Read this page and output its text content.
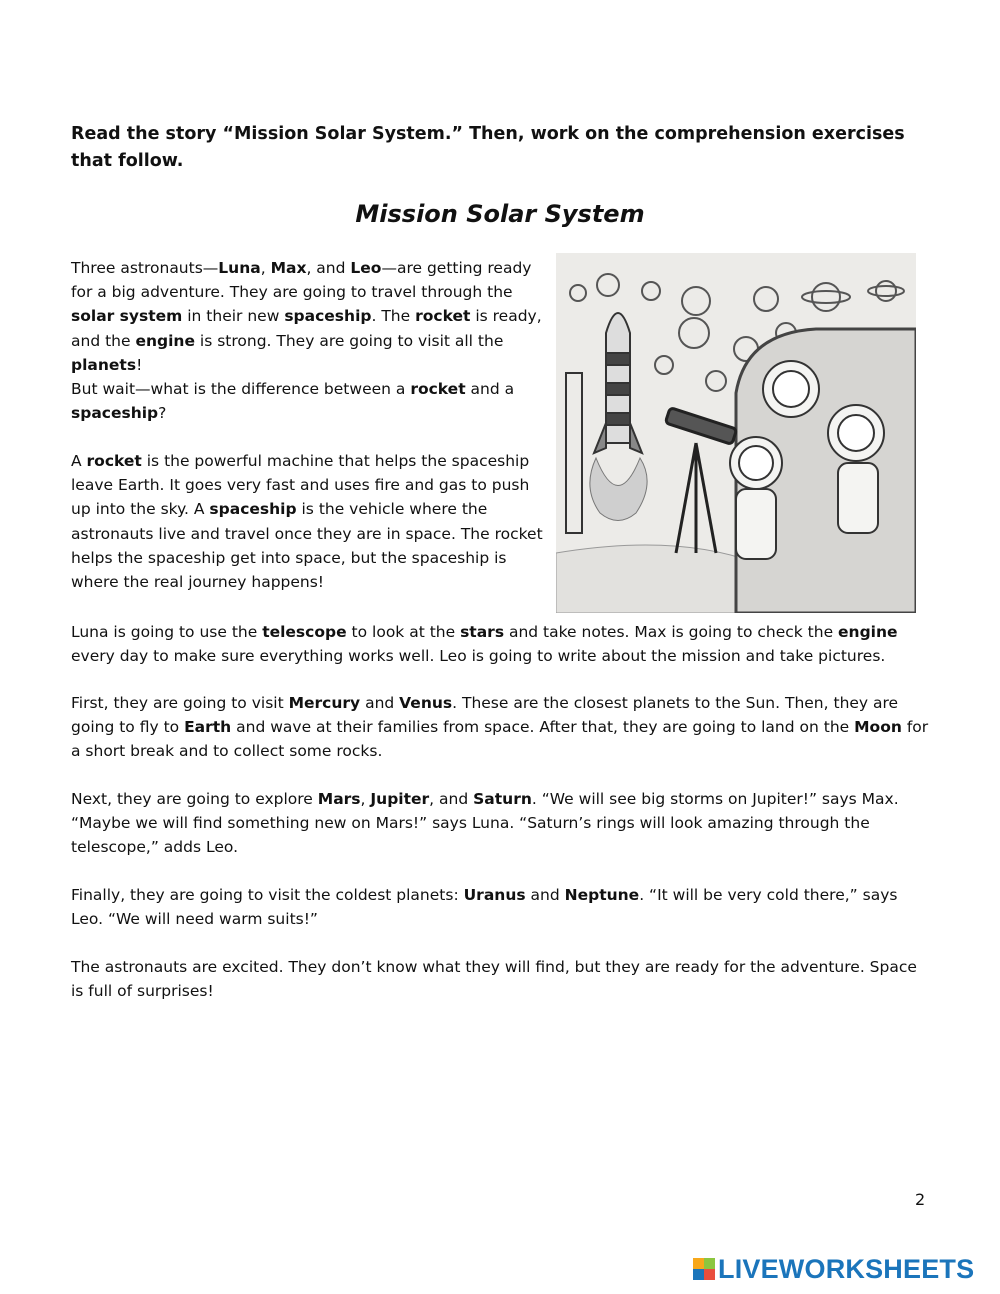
Read the story “Mission Solar System.” Then, work on the comprehension exercises that follow.
Mission Solar System

Three astronauts—Luna, Max, and Leo—are getting ready for a big adventure. They are going to travel through the solar system in their new spaceship. The rocket is ready, and the engine is strong. They are going to visit all the planets!

But wait—what is the difference between a rocket and a spaceship?

A rocket is the powerful machine that helps the spaceship leave Earth. It goes very fast and uses fire and gas to push up into the sky. A spaceship is the vehicle where the astronauts live and travel once they are in space. The rocket helps the spaceship get into space, but the spaceship is where the real journey happens!

Luna is going to use the telescope to look at the stars and take notes. Max is going to check the engine every day to make sure everything works well. Leo is going to write about the mission and take pictures.

First, they are going to visit Mercury and Venus. These are the closest planets to the Sun. Then, they are going to fly to Earth and wave at their families from space. After that, they are going to land on the Moon for a short break and to collect some rocks.

Next, they are going to explore Mars, Jupiter, and Saturn. “We will see big storms on Jupiter!” says Max. “Maybe we will find something new on Mars!” says Luna. “Saturn’s rings will look amazing through the telescope,” adds Leo.

Finally, they are going to visit the coldest planets: Uranus and Neptune. “It will be very cold there,” says Leo. “We will need warm suits!”

The astronauts are excited. They don’t know what they will find, but they are ready for the adventure. Space is full of surprises!

2
LIVEWORKSHEETS
